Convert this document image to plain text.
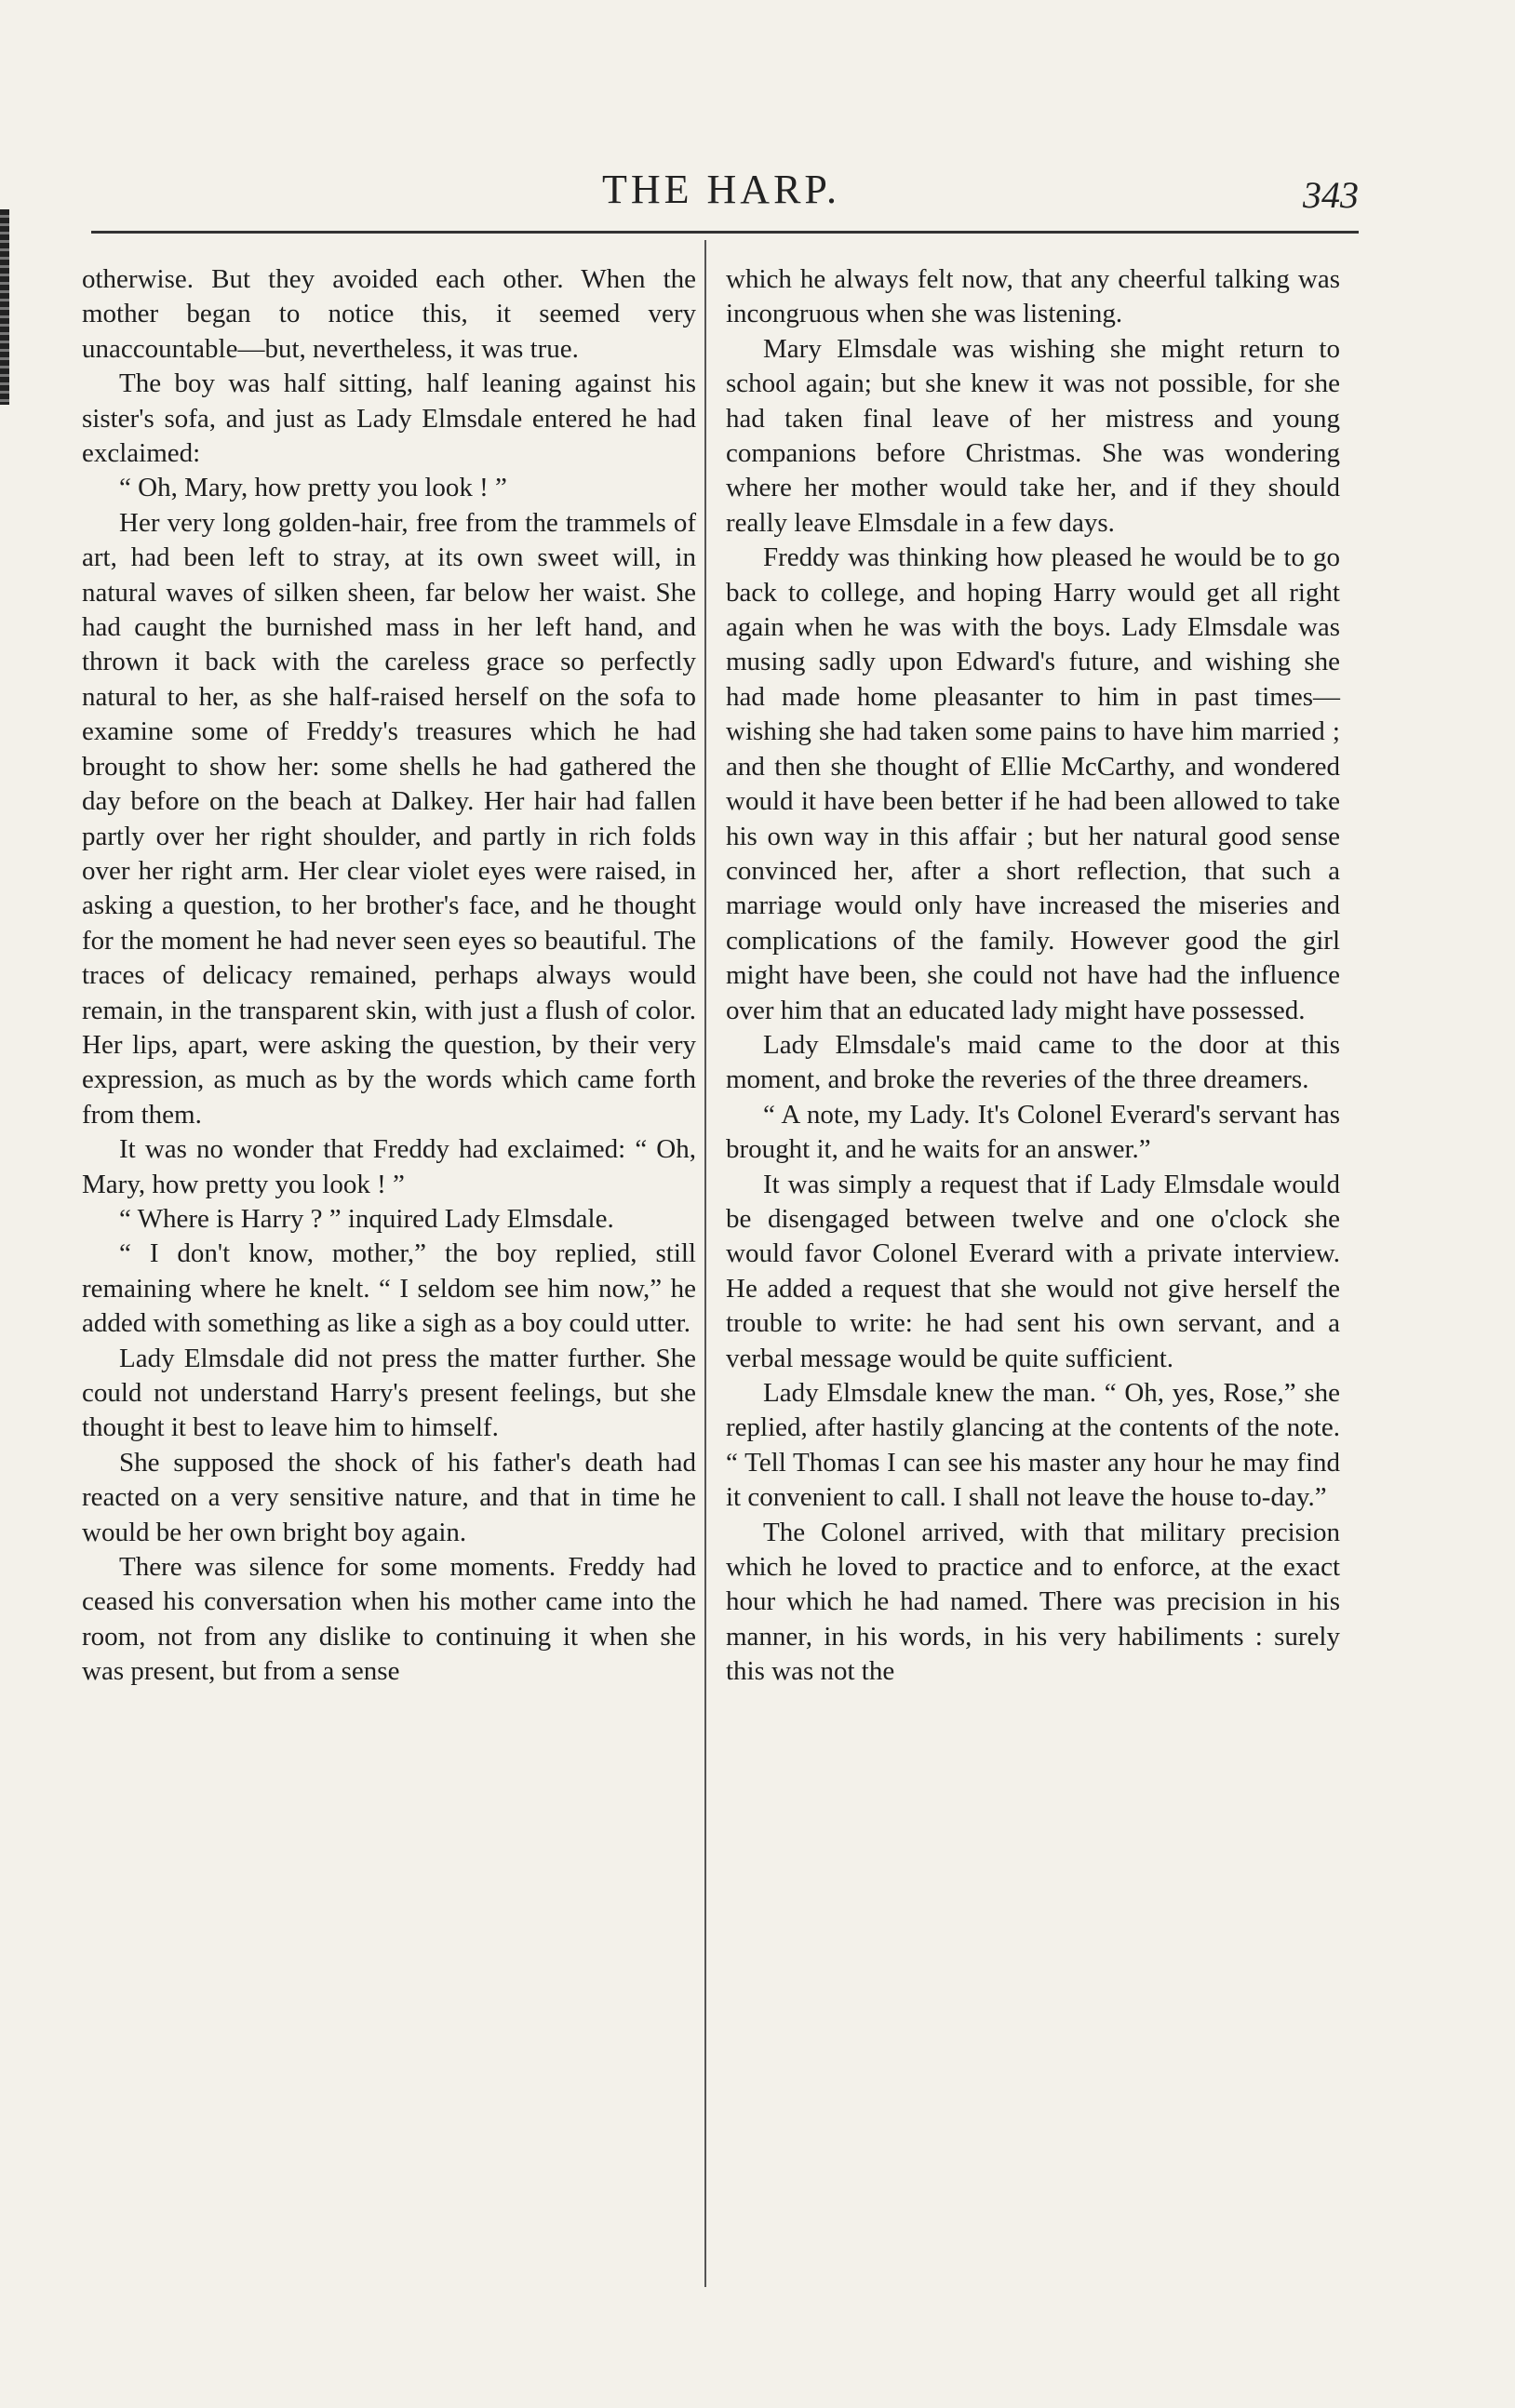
THE HARP.	343

otherwise. But they avoided each other. When the mother began to notice this, it seemed very unaccountable—but, nevertheless, it was true.

The boy was half sitting, half leaning against his sister's sofa, and just as Lady Elmsdale entered he had exclaimed:

“ Oh, Mary, how pretty you look ! ”

Her very long golden-hair, free from the trammels of art, had been left to stray, at its own sweet will, in natural waves of silken sheen, far below her waist. She had caught the burnished mass in her left hand, and thrown it back with the careless grace so perfectly natural to her, as she half-raised herself on the sofa to examine some of Freddy's treasures which he had brought to show her: some shells he had gathered the day before on the beach at Dalkey. Her hair had fallen partly over her right shoulder, and partly in rich folds over her right arm. Her clear violet eyes were raised, in asking a question, to her brother's face, and he thought for the moment he had never seen eyes so beautiful. The traces of delicacy remained, perhaps always would remain, in the transparent skin, with just a flush of color. Her lips, apart, were asking the question, by their very expression, as much as by the words which came forth from them.

It was no wonder that Freddy had exclaimed: “ Oh, Mary, how pretty you look ! ”

“ Where is Harry ? ” inquired Lady Elmsdale.

“ I don't know, mother,” the boy replied, still remaining where he knelt. “ I seldom see him now,” he added with something as like a sigh as a boy could utter.

Lady Elmsdale did not press the matter further. She could not understand Harry's present feelings, but she thought it best to leave him to himself.

She supposed the shock of his father's death had reacted on a very sensitive nature, and that in time he would be her own bright boy again.

There was silence for some moments. Freddy had ceased his conversation when his mother came into the room, not from any dislike to continuing it when she was present, but from a sense

which he always felt now, that any cheerful talking was incongruous when she was listening.

Mary Elmsdale was wishing she might return to school again; but she knew it was not possible, for she had taken final leave of her mistress and young companions before Christmas. She was wondering where her mother would take her, and if they should really leave Elmsdale in a few days.

Freddy was thinking how pleased he would be to go back to college, and hoping Harry would get all right again when he was with the boys. Lady Elmsdale was musing sadly upon Edward's future, and wishing she had made home pleasanter to him in past times—wishing she had taken some pains to have him married ; and then she thought of Ellie McCarthy, and wondered would it have been better if he had been allowed to take his own way in this affair ; but her natural good sense convinced her, after a short reflection, that such a marriage would only have increased the miseries and complications of the family. However good the girl might have been, she could not have had the influence over him that an educated lady might have possessed.

Lady Elmsdale's maid came to the door at this moment, and broke the reveries of the three dreamers.

“ A note, my Lady. It's Colonel Everard's servant has brought it, and he waits for an answer.”

It was simply a request that if Lady Elmsdale would be disengaged between twelve and one o'clock she would favor Colonel Everard with a private interview. He added a request that she would not give herself the trouble to write: he had sent his own servant, and a verbal message would be quite sufficient.

Lady Elmsdale knew the man. “ Oh, yes, Rose,” she replied, after hastily glancing at the contents of the note. “ Tell Thomas I can see his master any hour he may find it convenient to call. I shall not leave the house to-day.”

The Colonel arrived, with that military precision which he loved to practice and to enforce, at the exact hour which he had named. There was precision in his manner, in his words, in his very habiliments : surely this was not the
